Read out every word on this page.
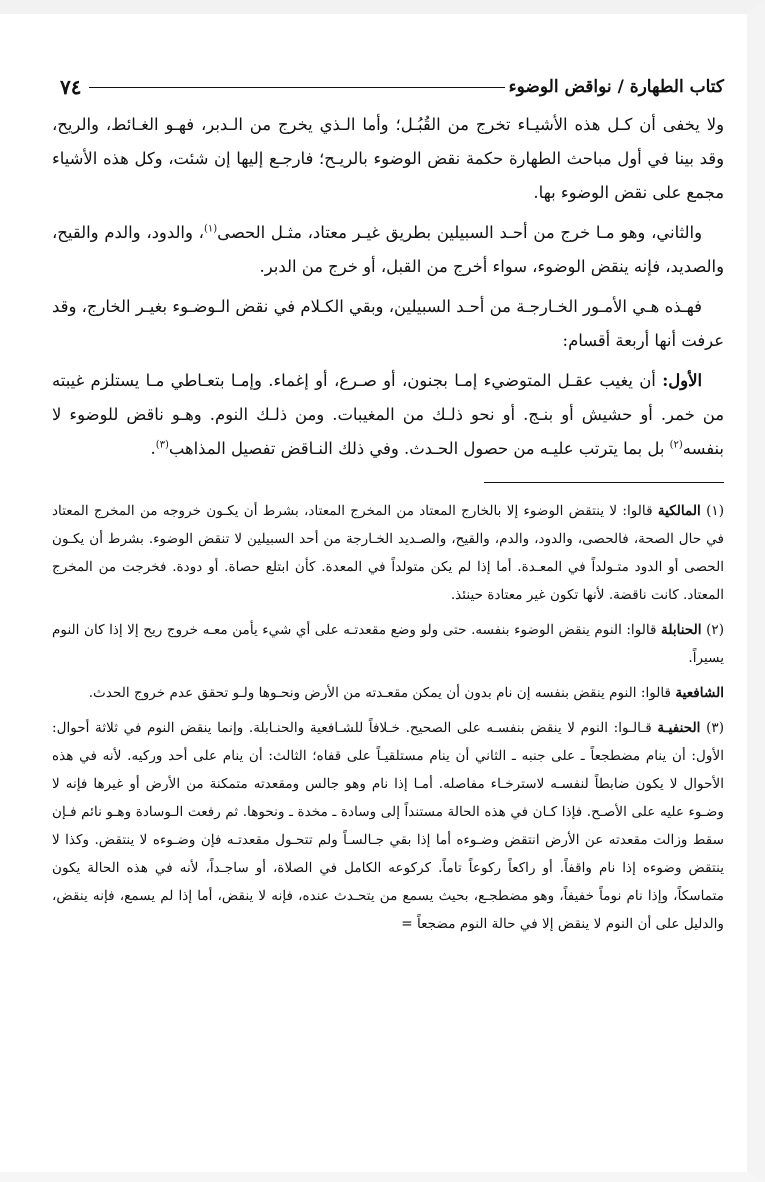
كتاب الطهارة / نواقض الوضوء
٧٤

ولا يخفى أن كـل هذه الأشيـاء تخرج من القُبُـل؛ وأما الـذي يخرج من الـدبر، فهـو الغـائط، والريح، وقد بينا في أول مباحث الطهارة حكمة نقض الوضوء بالريـح؛ فارجـع إليها إن شئت، وكل هذه الأشياء مجمع على نقض الوضوء بها.

والثاني، وهو مـا خرج من أحـد السبيلين بطريق غيـر معتاد، مثـل الحصى$^{(١)}$، والدود، والدم والقيح، والصديد، فإنه ينقض الوضوء، سواء أخرج من القبل، أو خرج من الدبر.

فهـذه هـي الأمـور الخـارجـة من أحـد السبيلين، وبقي الكـلام في نقض الـوضـوء بغيـر الخارج، وقد عرفت أنها أربعة أقسام:

الأول: أن يغيب عقـل المتوضيء إمـا بجنون، أو صـرع، أو إغماء. وإمـا بتعـاطي مـا يستلزم غيبته من خمر. أو حشيش أو بنـج. أو نحو ذلـك من المغيبات. ومن ذلـك النوم. وهـو ناقض للوضوء لا بنفسه$^{(٢)}$ بل بما يترتب عليـه من حصول الحـدث. وفي ذلك النـاقض تفصيل المذاهب$^{(٣)}$.

(١) المالكية قالوا: لا ينتقض الوضوء إلا بالخارج المعتاد من المخرج المعتاد، بشرط أن يكـون خروجه من المخرج المعتاد في حال الصحة، فالحصى، والدود، والدم، والقيح، والصـديد الخـارجة من أحد السبيلين لا تنقض الوضوء. بشرط أن يكـون الحصى أو الدود متـولداً في المعـدة. أما إذا لم يكن متولداً في المعدة. كأن ابتلع حصاة. أو دودة. فخرجت من المخرج المعتاد. كانت ناقضة. لأنها تكون غير معتادة حينئذ.

(٢) الحنابلة قالوا: النوم ينقض الوضوء بنفسه. حتى ولو وضع مقعدتـه على أي شيء يأمن معـه خروج ريح إلا إذا كان النوم يسيراً.

الشافعية قالوا: النوم ينقض بنفسه إن نام بدون أن يمكن مقعـدته من الأرض ونحـوها ولـو تحقق عدم خروج الحدث.

(٣) الحنفيـة قـالـوا: النوم لا ينقض بنفسـه على الصحيح. خـلافاً للشـافعية والحنـابلة. وإنما ينقض النوم في ثلاثة أحوال: الأول: أن ينام مضطجعاً ـ على جنبه ـ الثاني أن ينام مستلقيـاً على قفاه؛ الثالث: أن ينام على أحد وركيه. لأنه في هذه الأحوال لا يكون ضابطاً لنفسـه لاسترخـاء مفاصله. أمـا إذا نام وهو جالس ومقعدته متمكنة من الأرض أو غيرها فإنه لا وضـوء عليه على الأصـح. فإذا كـان في هذه الحالة مستنداً إلى وسادة ـ مخدة ـ ونحوها. ثم رفعت الـوسادة وهـو نائم فـإن سقط وزالت مقعدته عن الأرض انتقض وضـوءه أما إذا بقي جـالسـاً ولم تتحـول مقعدتـه فإن وضـوءه لا ينتقض. وكذا لا ينتقض وضوءه إذا نام واقفاً. أو راكعاً ركوعاً تاماً. كركوعه الكامل في الصلاة، أو ساجـداً، لأنه في هذه الحالة يكون متماسكاً، وإذا نام نوماً خفيفاً، وهو مضطجـع، بحيث يسمع من يتحـدث عنده، فإنه لا ينقض، أما إذا لم يسمع، فإنه ينقض، والدليل على أن النوم لا ينقض إلا في حالة النوم مضجعاً =
